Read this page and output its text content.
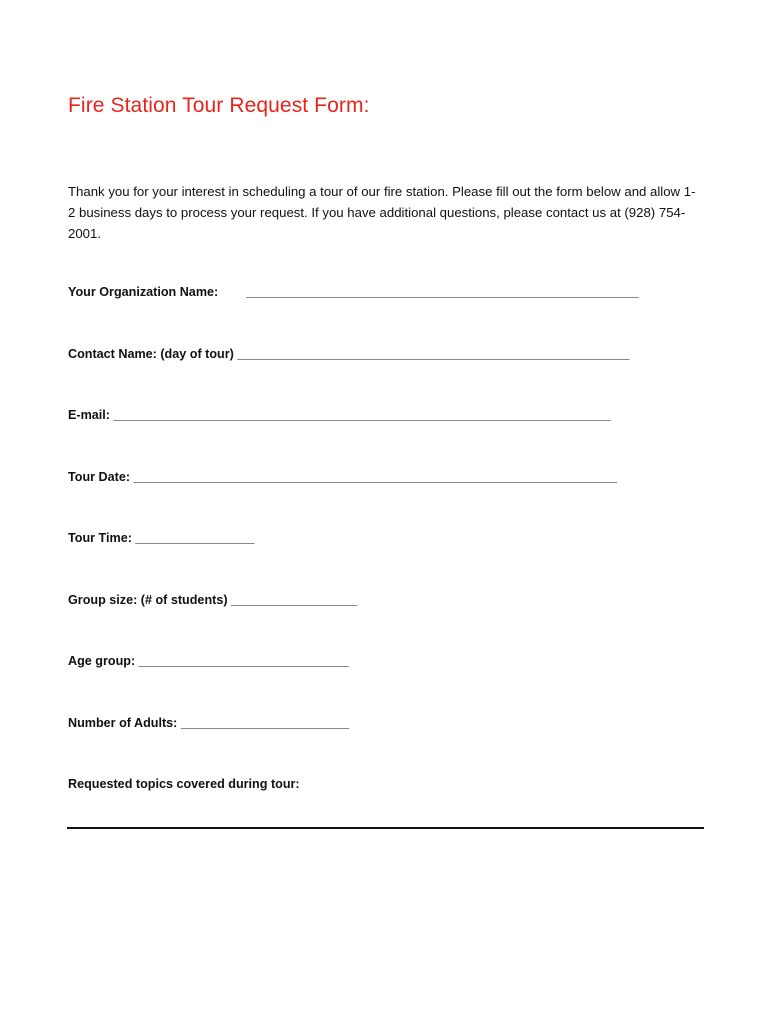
Fire Station Tour Request Form:

Thank you for your interest in scheduling a tour of our fire station. Please fill out the form below and allow 1-2 business days to process your request. If you have additional questions, please contact us at (928) 754-2001.

Your Organization Name: ________________________________________________________
Contact Name: (day of tour) ________________________________________________________
E-mail: _______________________________________________________________________
Tour Date: _____________________________________________________________________
Tour Time: _________________
Group size: (# of students) __________________
Age group: ______________________________
Number of Adults: ________________________
Requested topics covered during tour:
